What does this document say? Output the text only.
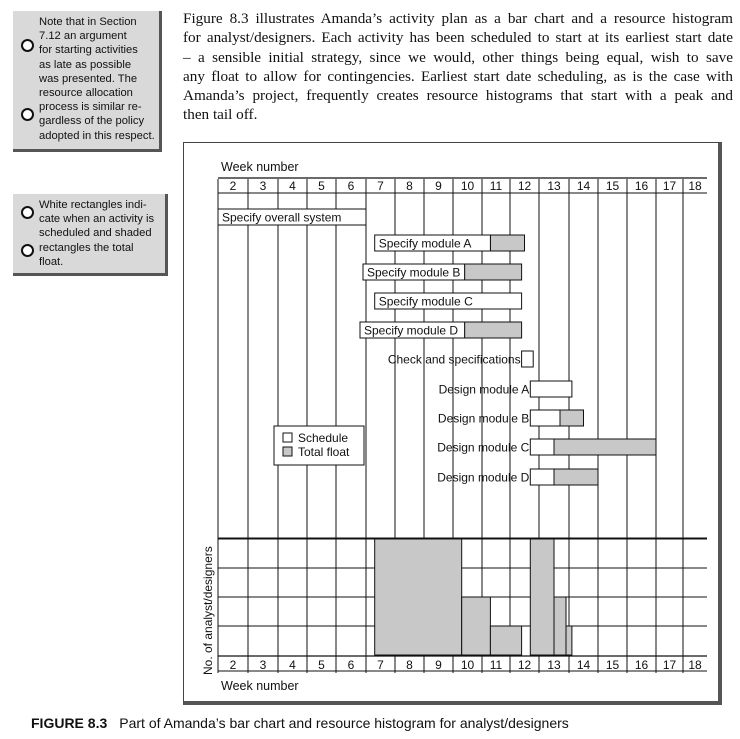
Note that in Section
7.12 an argument
for starting activities
as late as possible
was presented. The
resource allocation
process is similar re-
gardless of the policy
adopted in this respect.
White rectangles indi-
cate when an activity is
scheduled and shaded
rectangles the total
float.
Figure 8.3 illustrates Amanda’s activity plan as a bar chart and a resource histogram
for analyst/designers. Each activity has been scheduled to start at its earliest start date
– a sensible initial strategy, since we would, other things being equal, wish to save
any float to allow for contingencies. Earliest start date scheduling, as is the case with
Amanda’s project, frequently creates resource histograms that start with a peak and
then tail off.
Week number
Week number
No. of analyst/designers
2 3 4 5 6 7 8 9 10 11 12 13 14 15 16 17 18
Specify overall system
Specify module A
Specify module B
Specify module C
Specify module D
Check and specifications
Design module A
Design module B
Design module C
Design module D
Schedule
Total float
2 3 4 5 6 7 8 9 10 11 12 13 14 15 16 17 18
FIGURE 8.3 Part of Amanda’s bar chart and resource histogram for analyst/designers
